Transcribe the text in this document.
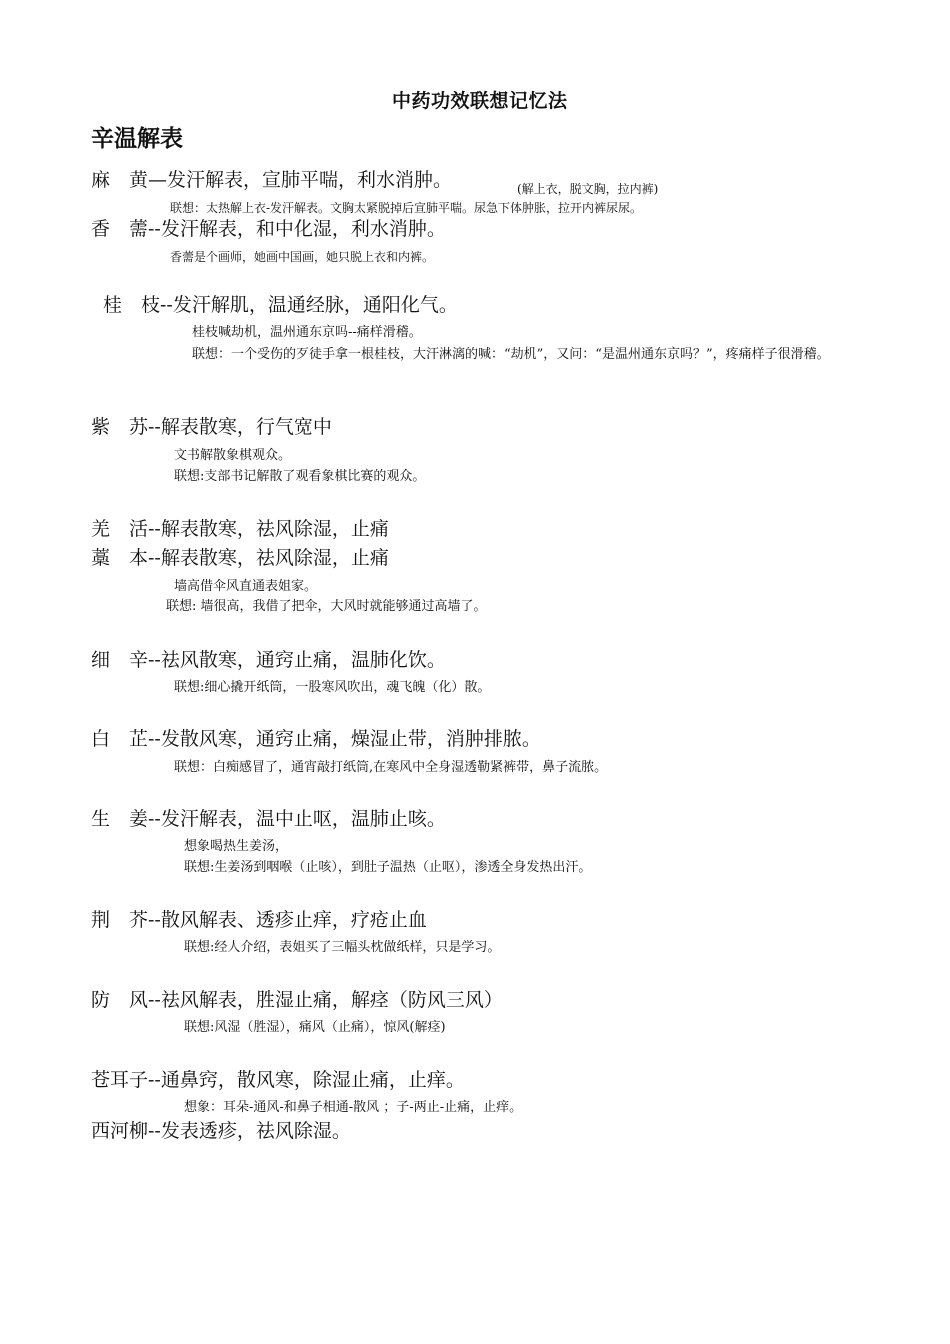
中药功效联想记忆法
辛温解表
麻　黄—发汗解表，宣肺平喘，利水消肿。	(解上衣，脱文胸，拉内裤)
联想：太热解上衣-发汗解表。文胸太紧脱掉后宣肺平喘。尿急下体肿胀，拉开内裤尿尿。
香　薷--发汗解表，和中化湿，利水消肿。
香薷是个画师，她画中国画，她只脱上衣和内裤。
桂　枝--发汗解肌，温通经脉，通阳化气。
桂枝喊劫机，温州通东京吗--痛样滑稽。
联想：一个受伤的歹徒手拿一根桂枝，大汗淋漓的喊：“劫机”，又问：“是温州通东京吗？”，疼痛样子很滑稽。
紫　苏--解表散寒，行气宽中
文书解散象棋观众。
联想:支部书记解散了观看象棋比赛的观众。
羌　活--解表散寒，祛风除湿，止痛
藁　本--解表散寒，祛风除湿，止痛
墙高借伞风直通表姐家。
联想: 墙很高，我借了把伞，大风时就能够通过高墙了。
细　辛--祛风散寒，通窍止痛，温肺化饮。
联想:细心撬开纸筒，一股寒风吹出，魂飞魄（化）散。
白　芷--发散风寒，通窍止痛，燥湿止带，消肿排脓。
联想：白痴感冒了，通宵敲打纸筒,在寒风中全身湿透勒紧裤带，鼻子流脓。
生　姜--发汗解表，温中止呕，温肺止咳。
想象喝热生姜汤，
联想:生姜汤到咽喉（止咳），到肚子温热（止呕），渗透全身发热出汗。
荆　芥--散风解表、透疹止痒，疗疮止血
联想:经人介绍，表姐买了三幅头枕做纸样，只是学习。
防　风--祛风解表，胜湿止痛，解痉（防风三风）
联想:风湿（胜湿），痛风（止痛），惊风(解痉)
苍耳子--通鼻窍，散风寒，除湿止痛，止痒。
想象：耳朵-通风-和鼻子相通-散风 ；子-两止-止痛，止痒。
西河柳--发表透疹，祛风除湿。
